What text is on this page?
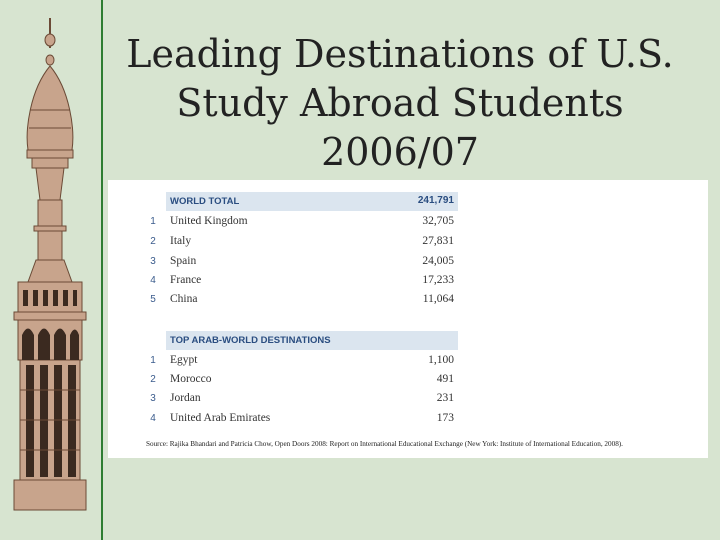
Leading Destinations of U.S.
Study Abroad Students
2006/07
WORLD TOTAL	241,791
1	United Kingdom	32,705
2	Italy	27,831
3	Spain	24,005
4	France	17,233
5	China	11,064
TOP ARAB-WORLD DESTINATIONS
1	Egypt	1,100
2	Morocco	491
3	Jordan	231
4	United Arab Emirates	173
Source: Rajika Bhandari and Patricia Chow, Open Doors 2008: Report on International Educational Exchange (New York: Institute of International Education, 2008).
